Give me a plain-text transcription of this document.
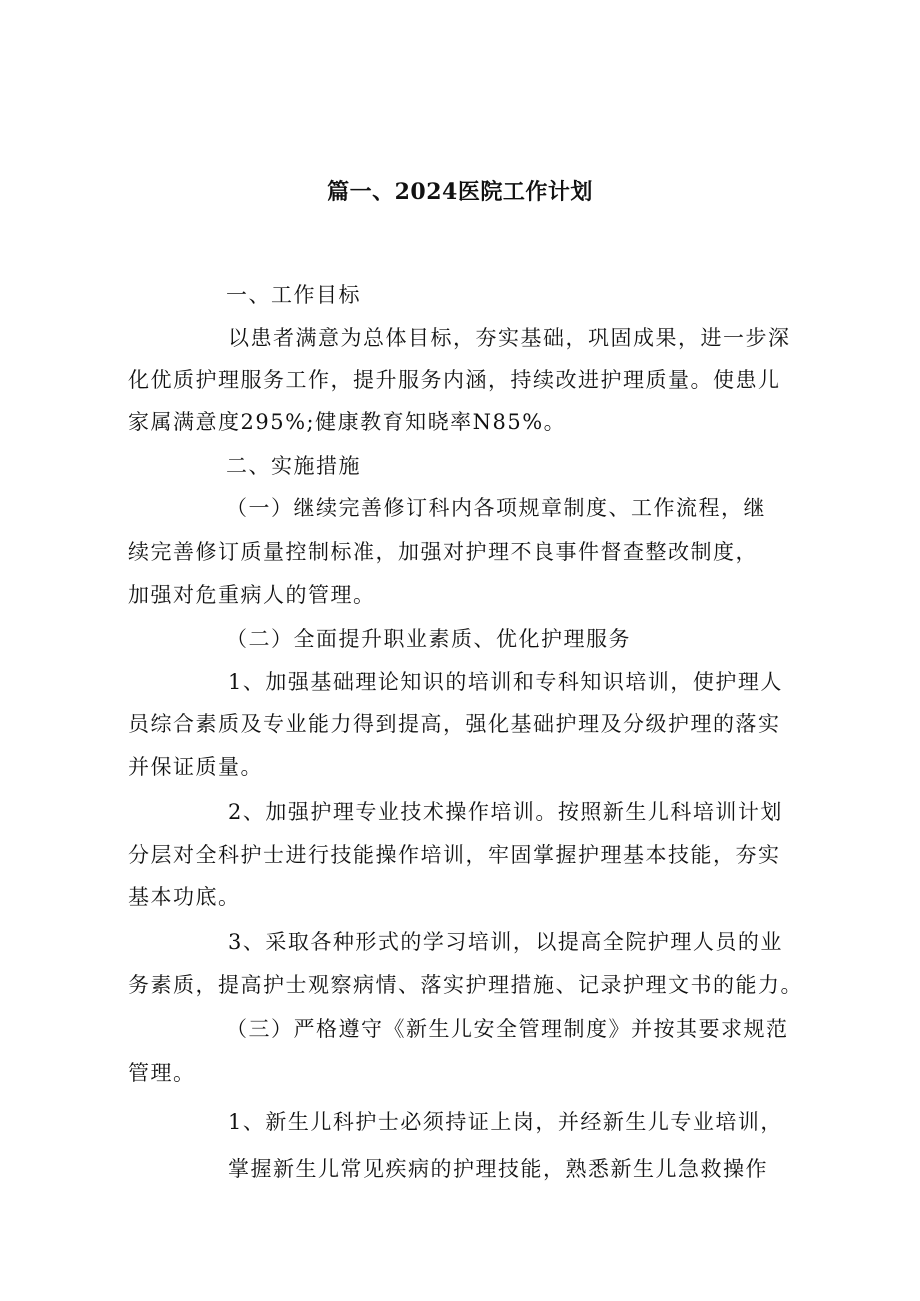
篇一、2024医院工作计划
一、工作目标
以患者满意为总体目标，夯实基础，巩固成果，进一步深
化优质护理服务工作，提升服务内涵，持续改进护理质量。使患儿
家属满意度295%;健康教育知晓率N85%。
二、实施措施
（一）继续完善修订科内各项规章制度、工作流程，继
续完善修订质量控制标准，加强对护理不良事件督查整改制度，
加强对危重病人的管理。
（二）全面提升职业素质、优化护理服务
1、加强基础理论知识的培训和专科知识培训，使护理人
员综合素质及专业能力得到提高，强化基础护理及分级护理的落实
并保证质量。
2、加强护理专业技术操作培训。按照新生儿科培训计划
分层对全科护士进行技能操作培训，牢固掌握护理基本技能，夯实
基本功底。
3、采取各种形式的学习培训，以提高全院护理人员的业
务素质，提高护士观察病情、落实护理措施、记录护理文书的能力。
（三）严格遵守《新生儿安全管理制度》并按其要求规范
管理。
1、新生儿科护士必须持证上岗，并经新生儿专业培训，
掌握新生儿常见疾病的护理技能，熟悉新生儿急救操作
